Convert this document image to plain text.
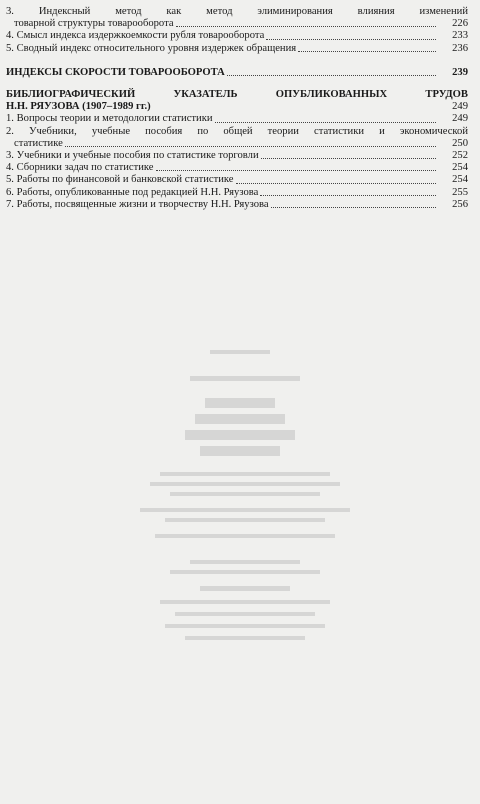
3. Индексный метод как метод элиминирования влияния изменений
товарной структуры товарооборота	226
4. Смысл индекса издержкоемкости рубля товарооборота	233
5. Сводный индекс относительного уровня издержек обращения	236
ИНДЕКСЫ СКОРОСТИ ТОВАРООБОРОТА	239
БИБЛИОГРАФИЧЕСКИЙ УКАЗАТЕЛЬ ОПУБЛИКОВАННЫХ ТРУДОВ
Н.Н. РЯУЗОВА (1907–1989 гг.)	249
1. Вопросы теории и методологии статистики	249
2. Учебники, учебные пособия по общей теории статистики и экономической
статистике	250
3. Учебники и учебные пособия по статистике торговли	252
4. Сборники задач по статистике	254
5. Работы по финансовой и банковской статистике	254
6. Работы, опубликованные под редакцией Н.Н. Ряузова	255
7. Работы, посвященные жизни и творчеству Н.Н. Ряузова	256
